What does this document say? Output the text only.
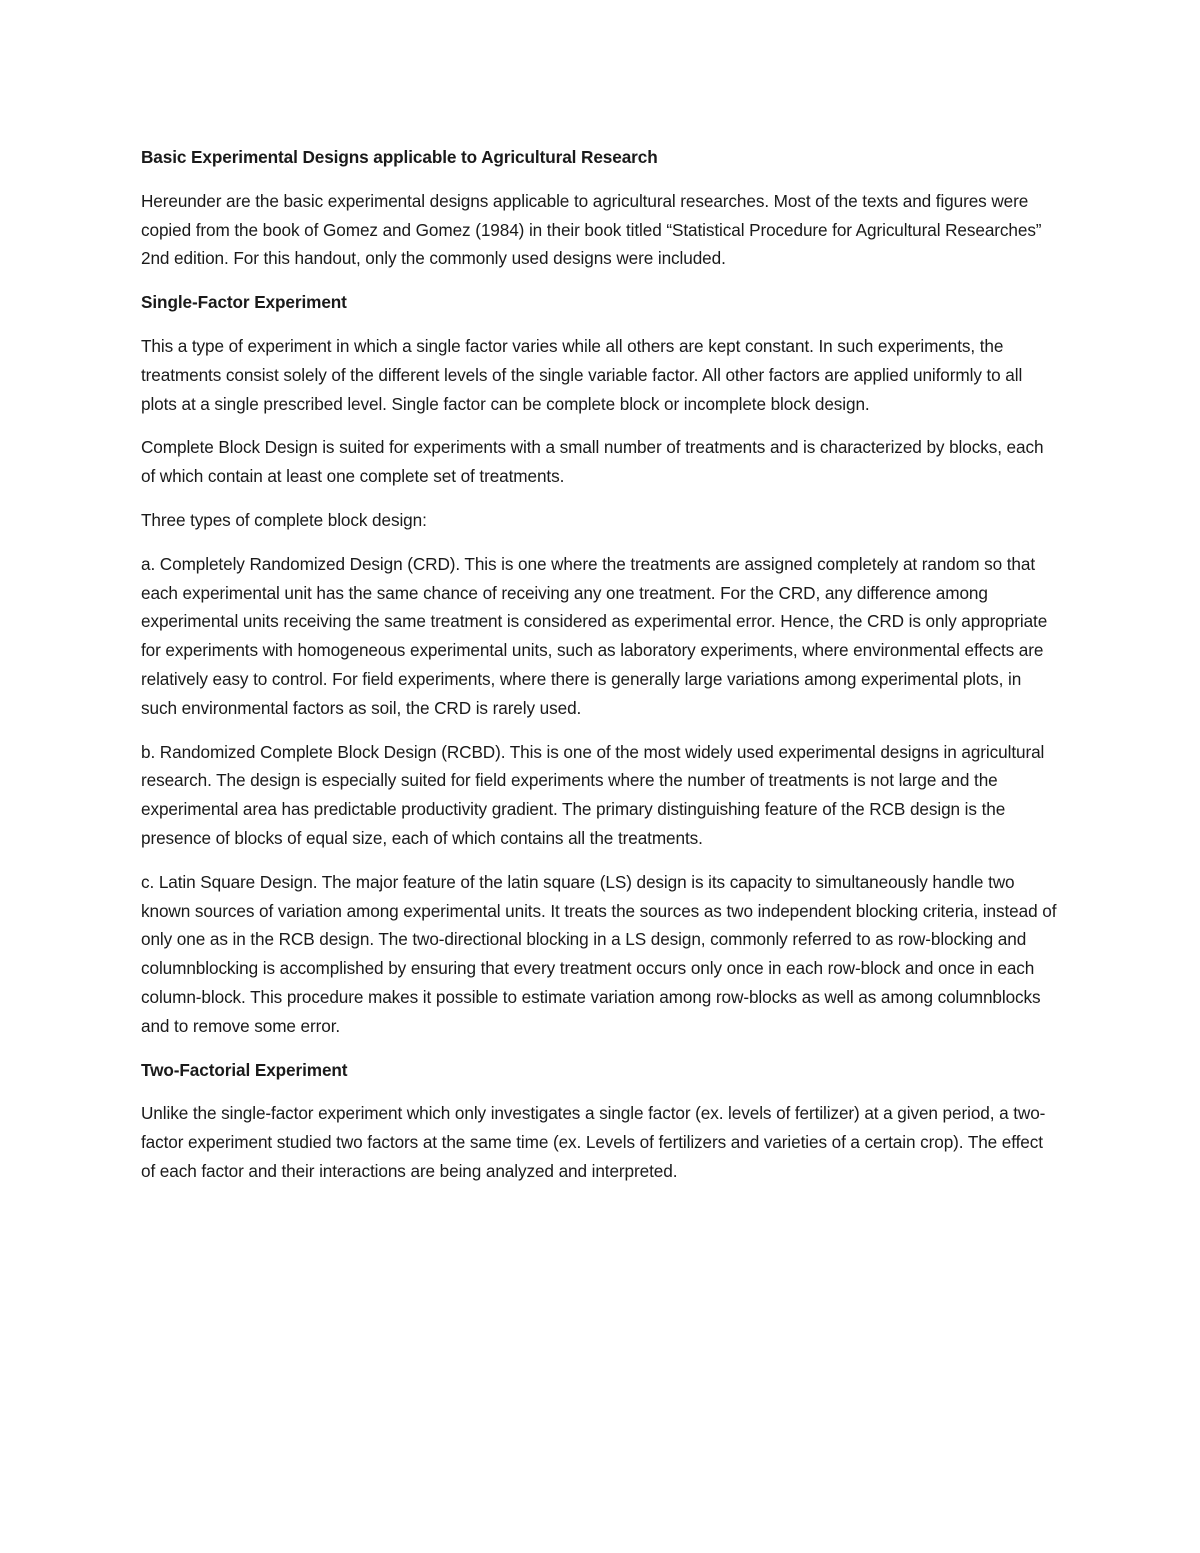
Basic Experimental Designs applicable to Agricultural Research

Hereunder are the basic experimental designs applicable to agricultural researches. Most of the texts and figures were copied from the book of Gomez and Gomez (1984) in their book titled “Statistical Procedure for Agricultural Researches” 2nd edition. For this handout, only the commonly used designs were included.

Single-Factor Experiment

This a type of experiment in which a single factor varies while all others are kept constant. In such experiments, the treatments consist solely of the different levels of the single variable factor. All other factors are applied uniformly to all plots at a single prescribed level. Single factor can be complete block or incomplete block design.

Complete Block Design is suited for experiments with a small number of treatments and is characterized by blocks, each of which contain at least one complete set of treatments.

Three types of complete block design:

a. Completely Randomized Design (CRD). This is one where the treatments are assigned completely at random so that each experimental unit has the same chance of receiving any one treatment. For the CRD, any difference among experimental units receiving the same treatment is considered as experimental error. Hence, the CRD is only appropriate for experiments with homogeneous experimental units, such as laboratory experiments, where environmental effects are relatively easy to control. For field experiments, where there is generally large variations among experimental plots, in such environmental factors as soil, the CRD is rarely used.

b. Randomized Complete Block Design (RCBD). This is one of the most widely used experimental designs in agricultural research. The design is especially suited for field experiments where the number of treatments is not large and the experimental area has predictable productivity gradient. The primary distinguishing feature of the RCB design is the presence of blocks of equal size, each of which contains all the treatments.

c. Latin Square Design. The major feature of the latin square (LS) design is its capacity to simultaneously handle two known sources of variation among experimental units. It treats the sources as two independent blocking criteria, instead of only one as in the RCB design. The two-directional blocking in a LS design, commonly referred to as row-blocking and columnblocking is accomplished by ensuring that every treatment occurs only once in each row-block and once in each column-block. This procedure makes it possible to estimate variation among row-blocks as well as among columnblocks and to remove some error.

Two-Factorial Experiment

Unlike the single-factor experiment which only investigates a single factor (ex. levels of fertilizer) at a given period, a two-factor experiment studied two factors at the same time (ex. Levels of fertilizers and varieties of a certain crop). The effect of each factor and their interactions are being analyzed and interpreted.
